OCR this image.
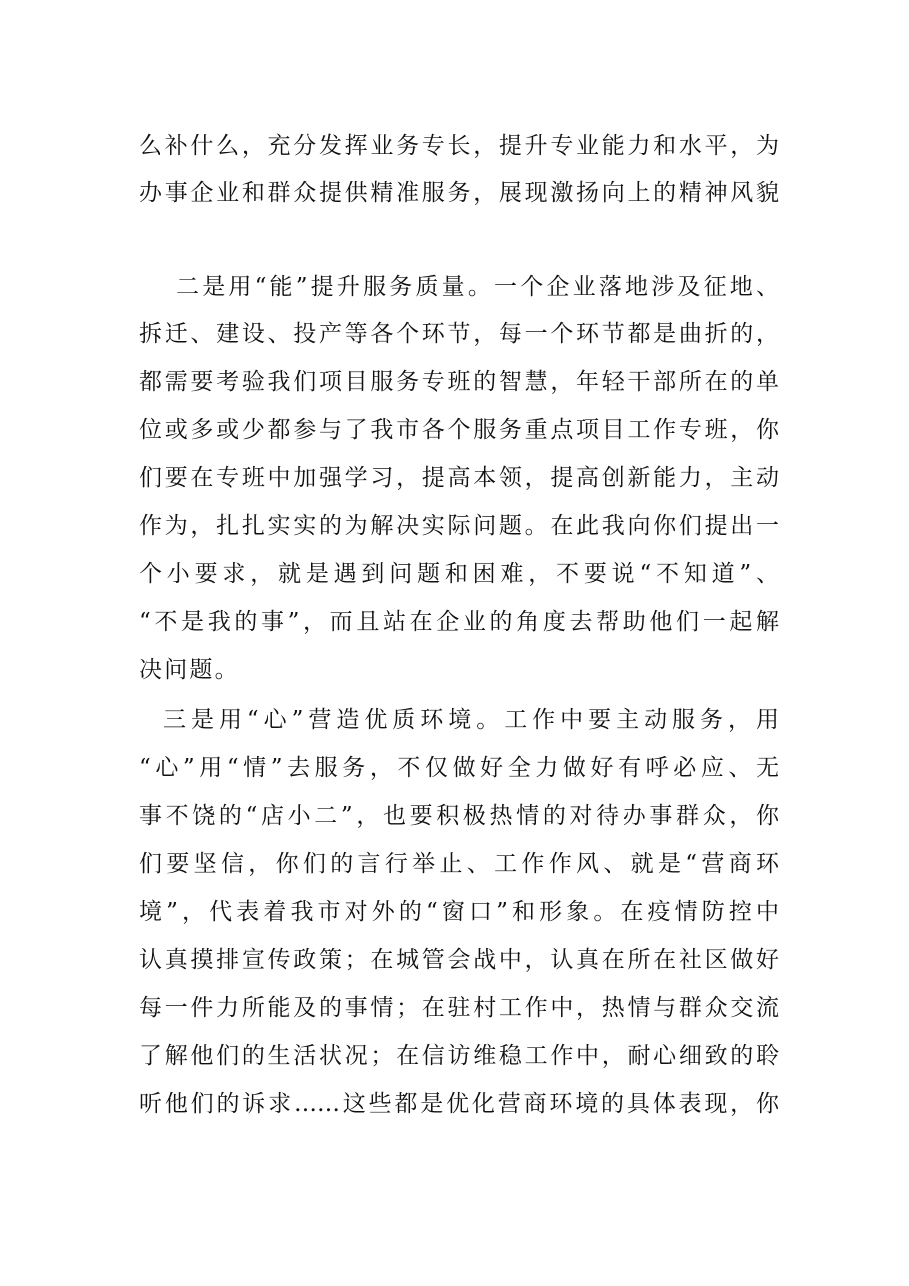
么补什么，充分发挥业务专长，提升专业能力和水平，为
办事企业和群众提供精准服务，展现激扬向上的精神风貌
二是用“能”提升服务质量。一个企业落地涉及征地、
拆迁、建设、投产等各个环节，每一个环节都是曲折的，
都需要考验我们项目服务专班的智慧，年轻干部所在的单
位或多或少都参与了我市各个服务重点项目工作专班，你
们要在专班中加强学习，提高本领，提高创新能力，主动
作为，扎扎实实的为解决实际问题。在此我向你们提出一
个小要求，就是遇到问题和困难，不要说“不知道”、
“不是我的事”，而且站在企业的角度去帮助他们一起解
决问题。
三是用“心”营造优质环境。工作中要主动服务，用
“心”用“情”去服务，不仅做好全力做好有呼必应、无
事不饶的“店小二”，也要积极热情的对待办事群众，你
们要坚信，你们的言行举止、工作作风、就是“营商环
境”，代表着我市对外的“窗口”和形象。在疫情防控中
认真摸排宣传政策；在城管会战中，认真在所在社区做好
每一件力所能及的事情；在驻村工作中，热情与群众交流
了解他们的生活状况；在信访维稳工作中，耐心细致的聆
听他们的诉求……这些都是优化营商环境的具体表现，你
